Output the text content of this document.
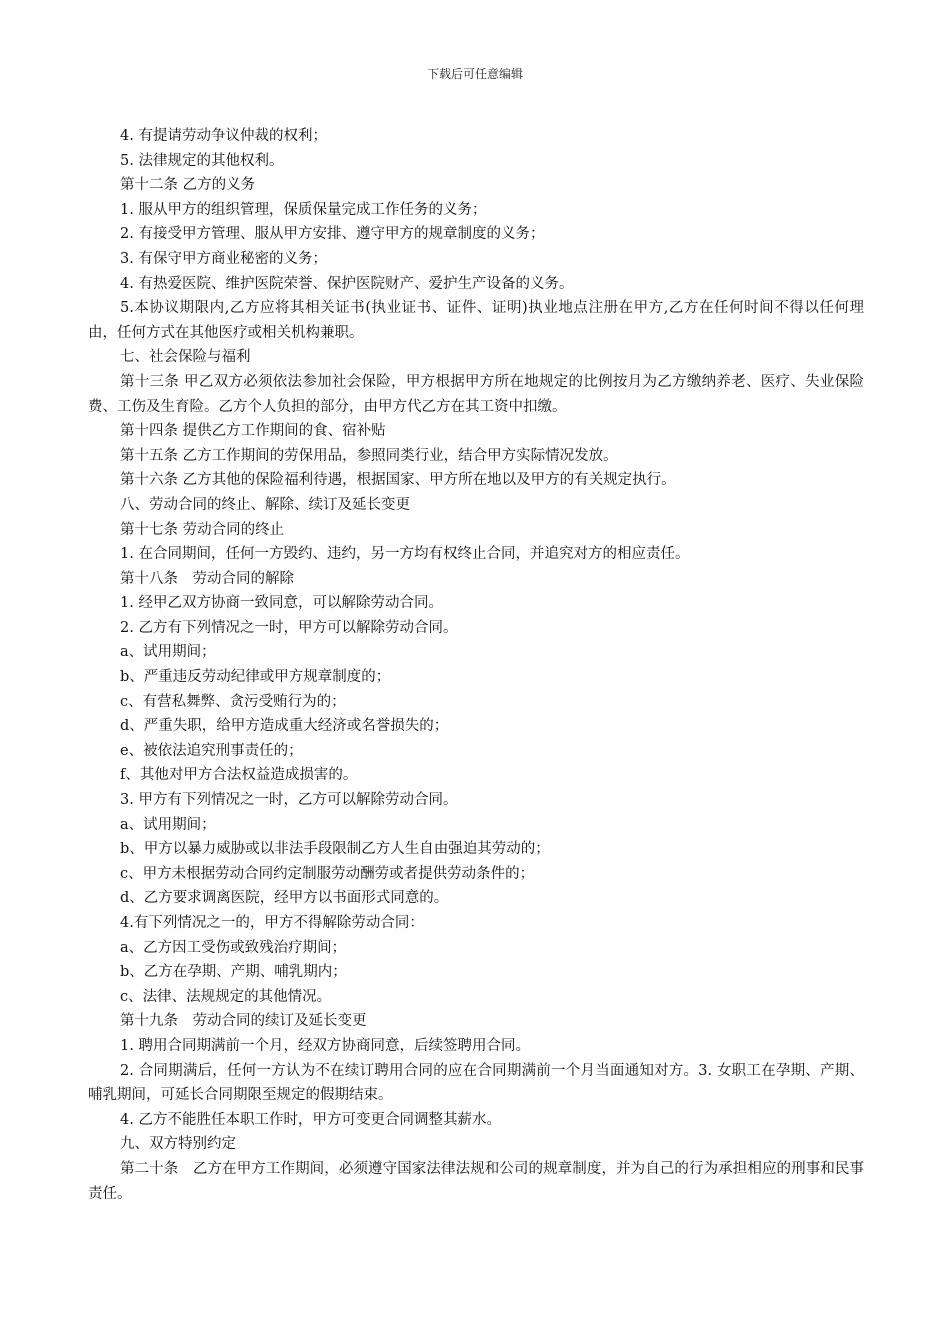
下载后可任意编辑

4. 有提请劳动争议仲裁的权利；

5. 法律规定的其他权利。

第十二条 乙方的义务

1. 服从甲方的组织管理，保质保量完成工作任务的义务；

2. 有接受甲方管理、服从甲方安排、遵守甲方的规章制度的义务；

3. 有保守甲方商业秘密的义务；

4. 有热爱医院、维护医院荣誉、保护医院财产、爱护生产设备的义务。

5.本协议期限内,乙方应将其相关证书(执业证书、证件、证明)执业地点注册在甲方,乙方在任何时间不得以任何理由，任何方式在其他医疗或相关机构兼职。

七、社会保险与福利

第十三条 甲乙双方必须依法参加社会保险，甲方根据甲方所在地规定的比例按月为乙方缴纳养老、医疗、失业保险费、工伤及生育险。乙方个人负担的部分，由甲方代乙方在其工资中扣缴。

第十四条 提供乙方工作期间的食、宿补贴

第十五条 乙方工作期间的劳保用品，参照同类行业，结合甲方实际情况发放。

第十六条 乙方其他的保险福利待遇，根据国家、甲方所在地以及甲方的有关规定执行。

八、劳动合同的终止、解除、续订及延长变更

第十七条 劳动合同的终止

1. 在合同期间，任何一方毁约、违约，另一方均有权终止合同，并追究对方的相应责任。

第十八条　劳动合同的解除

1. 经甲乙双方协商一致同意，可以解除劳动合同。

2. 乙方有下列情况之一时，甲方可以解除劳动合同。

a、试用期间；

b、严重违反劳动纪律或甲方规章制度的；

c、有营私舞弊、贪污受贿行为的；

d、严重失职，给甲方造成重大经济或名誉损失的；

e、被依法追究刑事责任的；

f、其他对甲方合法权益造成损害的。

3. 甲方有下列情况之一时，乙方可以解除劳动合同。

a、试用期间；

b、甲方以暴力威胁或以非法手段限制乙方人生自由强迫其劳动的；

c、甲方未根据劳动合同约定制服劳动酬劳或者提供劳动条件的；

d、乙方要求调离医院，经甲方以书面形式同意的。

4.有下列情况之一的，甲方不得解除劳动合同：

a、乙方因工受伤或致残治疗期间；

b、乙方在孕期、产期、哺乳期内；

c、法律、法规规定的其他情况。

第十九条　劳动合同的续订及延长变更

1. 聘用合同期满前一个月，经双方协商同意，后续签聘用合同。

2. 合同期满后，任何一方认为不在续订聘用合同的应在合同期满前一个月当面通知对方。3. 女职工在孕期、产期、哺乳期间，可延长合同期限至规定的假期结束。

4. 乙方不能胜任本职工作时，甲方可变更合同调整其薪水。

九、双方特别约定

第二十条　乙方在甲方工作期间，必须遵守国家法律法规和公司的规章制度，并为自己的行为承担相应的刑事和民事责任。
